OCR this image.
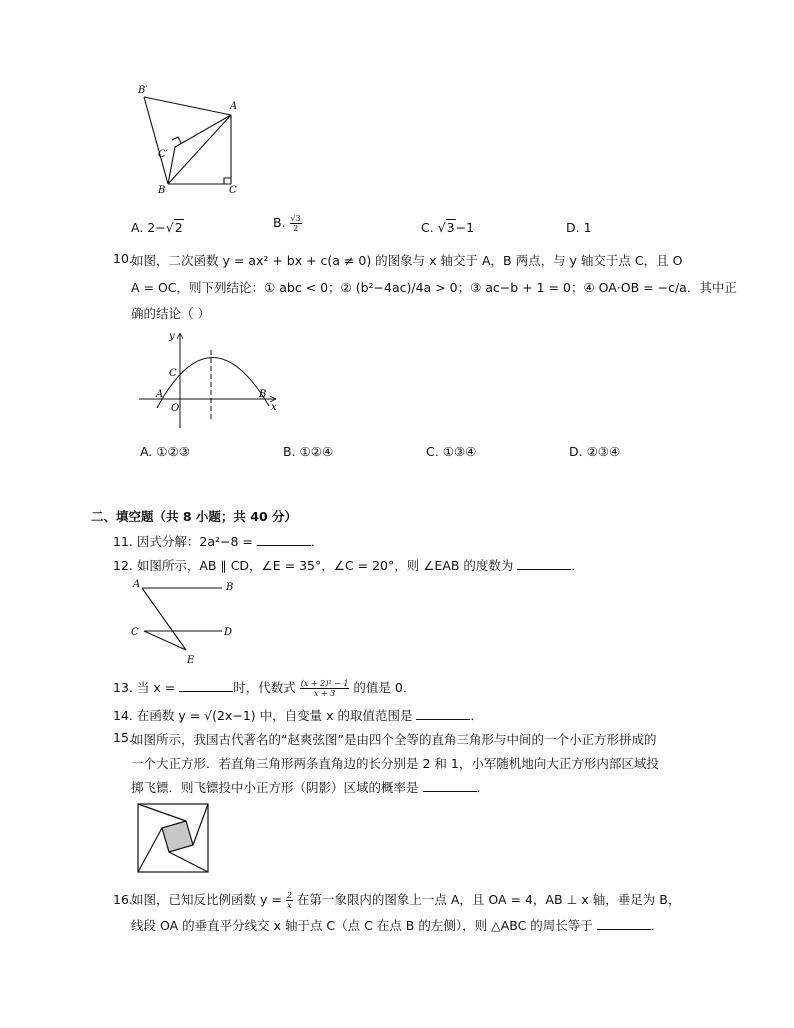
B′
A
C′
B	C
A. 2−√2	B. $\frac{√3}{2}$	C. √3−1	D. 1
10.
如图，二次函数 y = ax² + bx + c(a ≠ 0) 的图象与 x 轴交于 A，B 两点，与 y 轴交于点 C，且 O
A = OC，则下列结论：① abc < 0；② (b²−4ac)/4a > 0；③ ac−b + 1 = 0；④ OA·OB = −c/a．其中正
确的结论（ ）
y
C
A
O
B
x
A. ①②③	B. ①②④	C. ①③④	D. ②③④
二、填空题（共 8 小题；共 40 分）
11. 因式分解：2a²−8 =	．
12. 如图所示，AB ∥ CD，∠E = 35°，∠C = 20°，则 ∠EAB 的度数为	．
A	B
C	D
E
13. 当 x =	时，代数式 $\frac{\text{(x + 2)² − 1}}{x + 3}$ 的值是 0．
14. 在函数 y = √(2x−1) 中，自变量 x 的取值范围是	．
15.
如图所示，我国古代著名的“赵爽弦图”是由四个全等的直角三角形与中间的一个小正方形拼成的
一个大正方形．若直角三角形两条直角边的长分别是 2 和 1，小军随机地向大正方形内部区域投
掷飞镖．则飞镖投中小正方形（阴影）区域的概率是	．
16.
如图，已知反比例函数 $y = \frac{2}{x}$ 在第一象限内的图象上一点 A，且 OA = 4，AB ⊥ x 轴，垂足为 B，
线段 OA 的垂直平分线交 x 轴于点 C（点 C 在点 B 的左侧），则 △ABC 的周长等于	．
